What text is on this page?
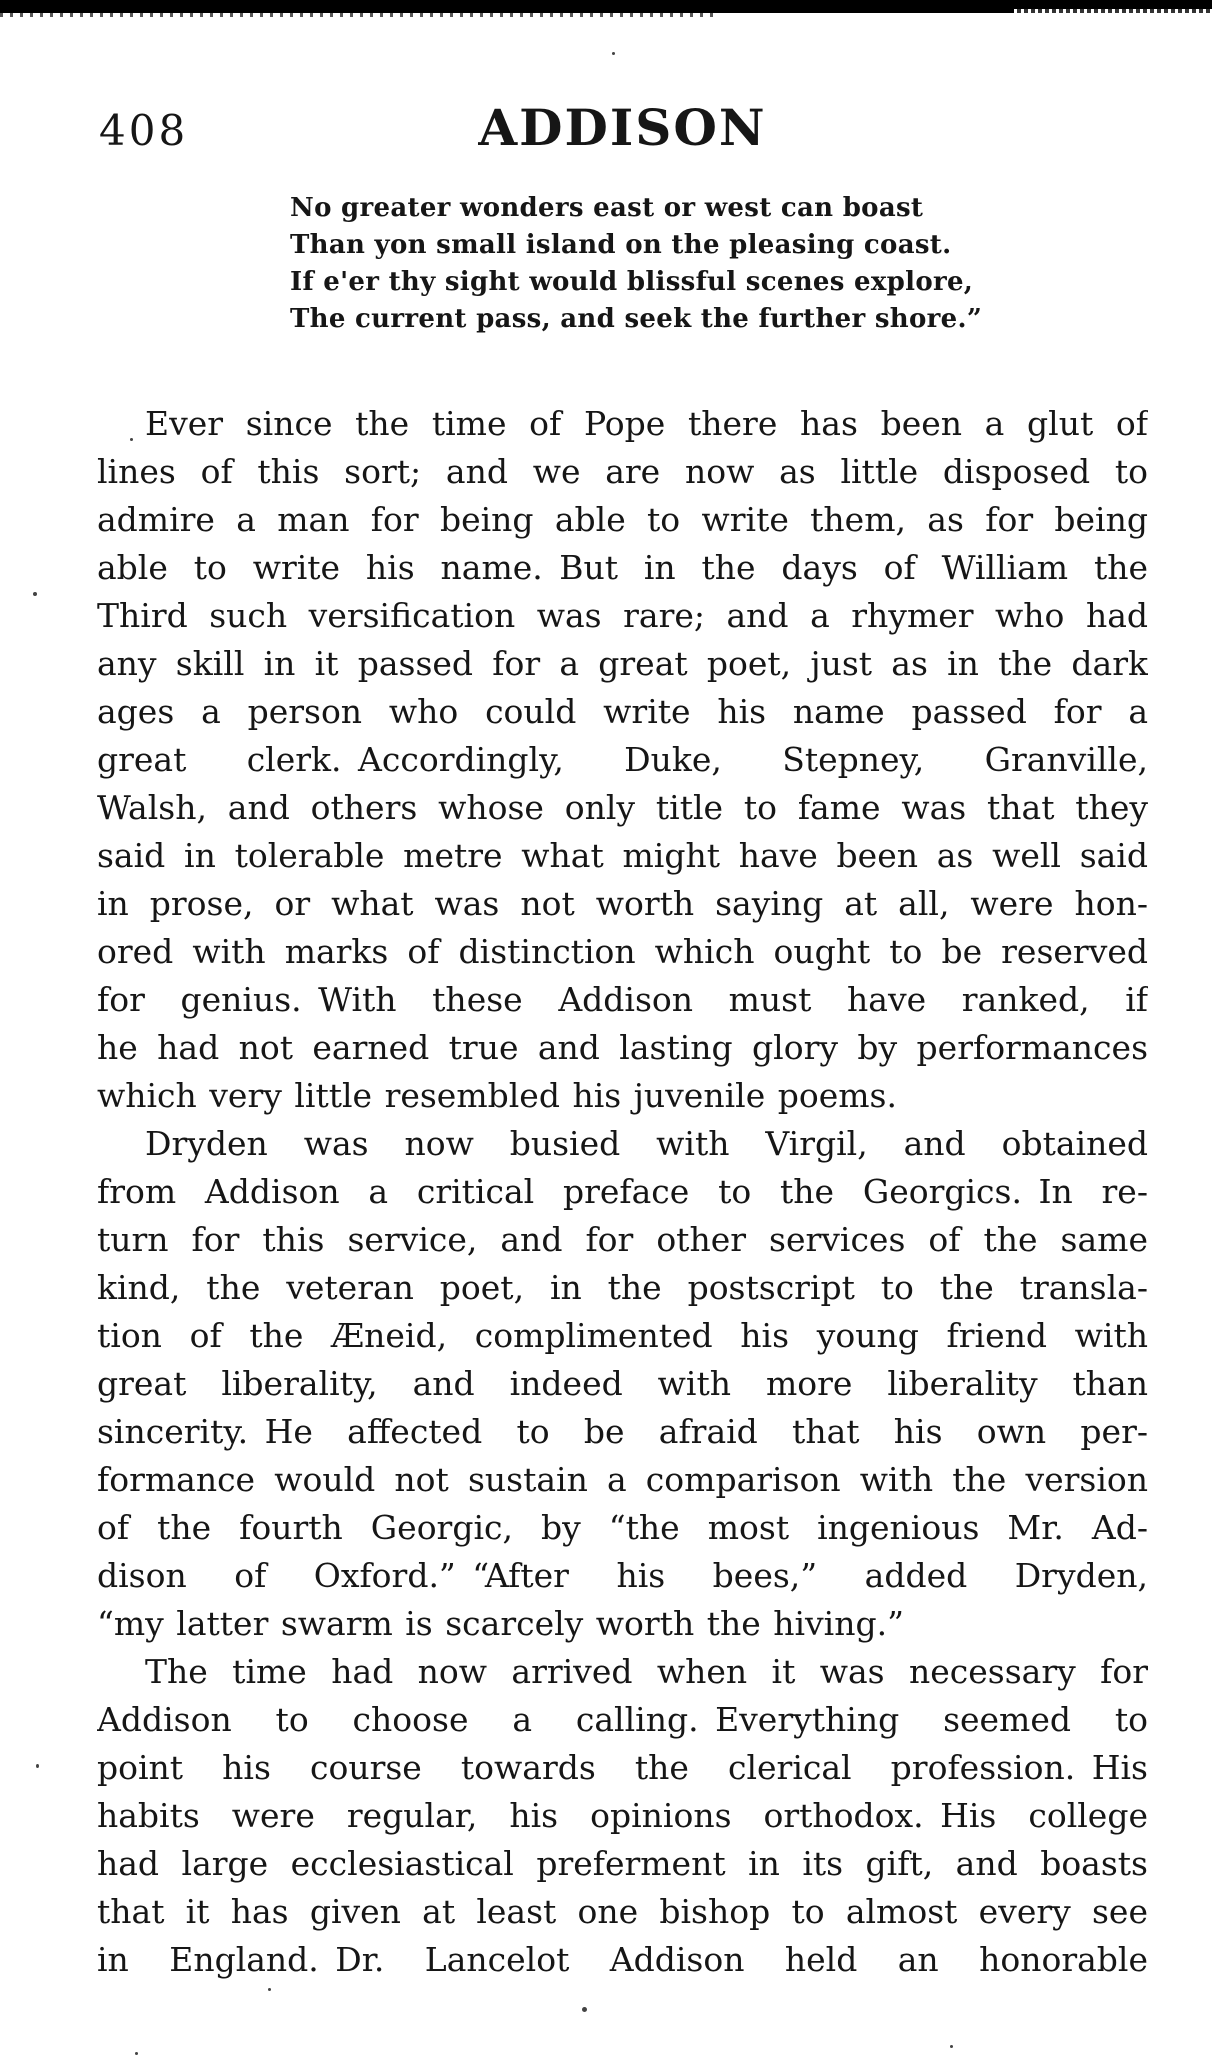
408	ADDISON
No greater wonders east or west can boast
Than yon small island on the pleasing coast.
If e'er thy sight would blissful scenes explore,
The current pass, and seek the further shore.”
Ever since the time of Pope there has been a glut of
lines of this sort; and we are now as little disposed to
admire a man for being able to write them, as for being
able to write his name. But in the days of William the
Third such versification was rare; and a rhymer who had
any skill in it passed for a great poet, just as in the dark
ages a person who could write his name passed for a
great clerk. Accordingly, Duke, Stepney, Granville,
Walsh, and others whose only title to fame was that they
said in tolerable metre what might have been as well said
in prose, or what was not worth saying at all, were hon-
ored with marks of distinction which ought to be reserved
for genius. With these Addison must have ranked, if
he had not earned true and lasting glory by performances
which very little resembled his juvenile poems.
Dryden was now busied with Virgil, and obtained
from Addison a critical preface to the Georgics. In re-
turn for this service, and for other services of the same
kind, the veteran poet, in the postscript to the transla-
tion of the Æneid, complimented his young friend with
great liberality, and indeed with more liberality than
sincerity. He affected to be afraid that his own per-
formance would not sustain a comparison with the version
of the fourth Georgic, by “the most ingenious Mr. Ad-
dison of Oxford.” “After his bees,” added Dryden,
“my latter swarm is scarcely worth the hiving.”
The time had now arrived when it was necessary for
Addison to choose a calling. Everything seemed to
point his course towards the clerical profession. His
habits were regular, his opinions orthodox. His college
had large ecclesiastical preferment in its gift, and boasts
that it has given at least one bishop to almost every see
in England. Dr. Lancelot Addison held an honorable
